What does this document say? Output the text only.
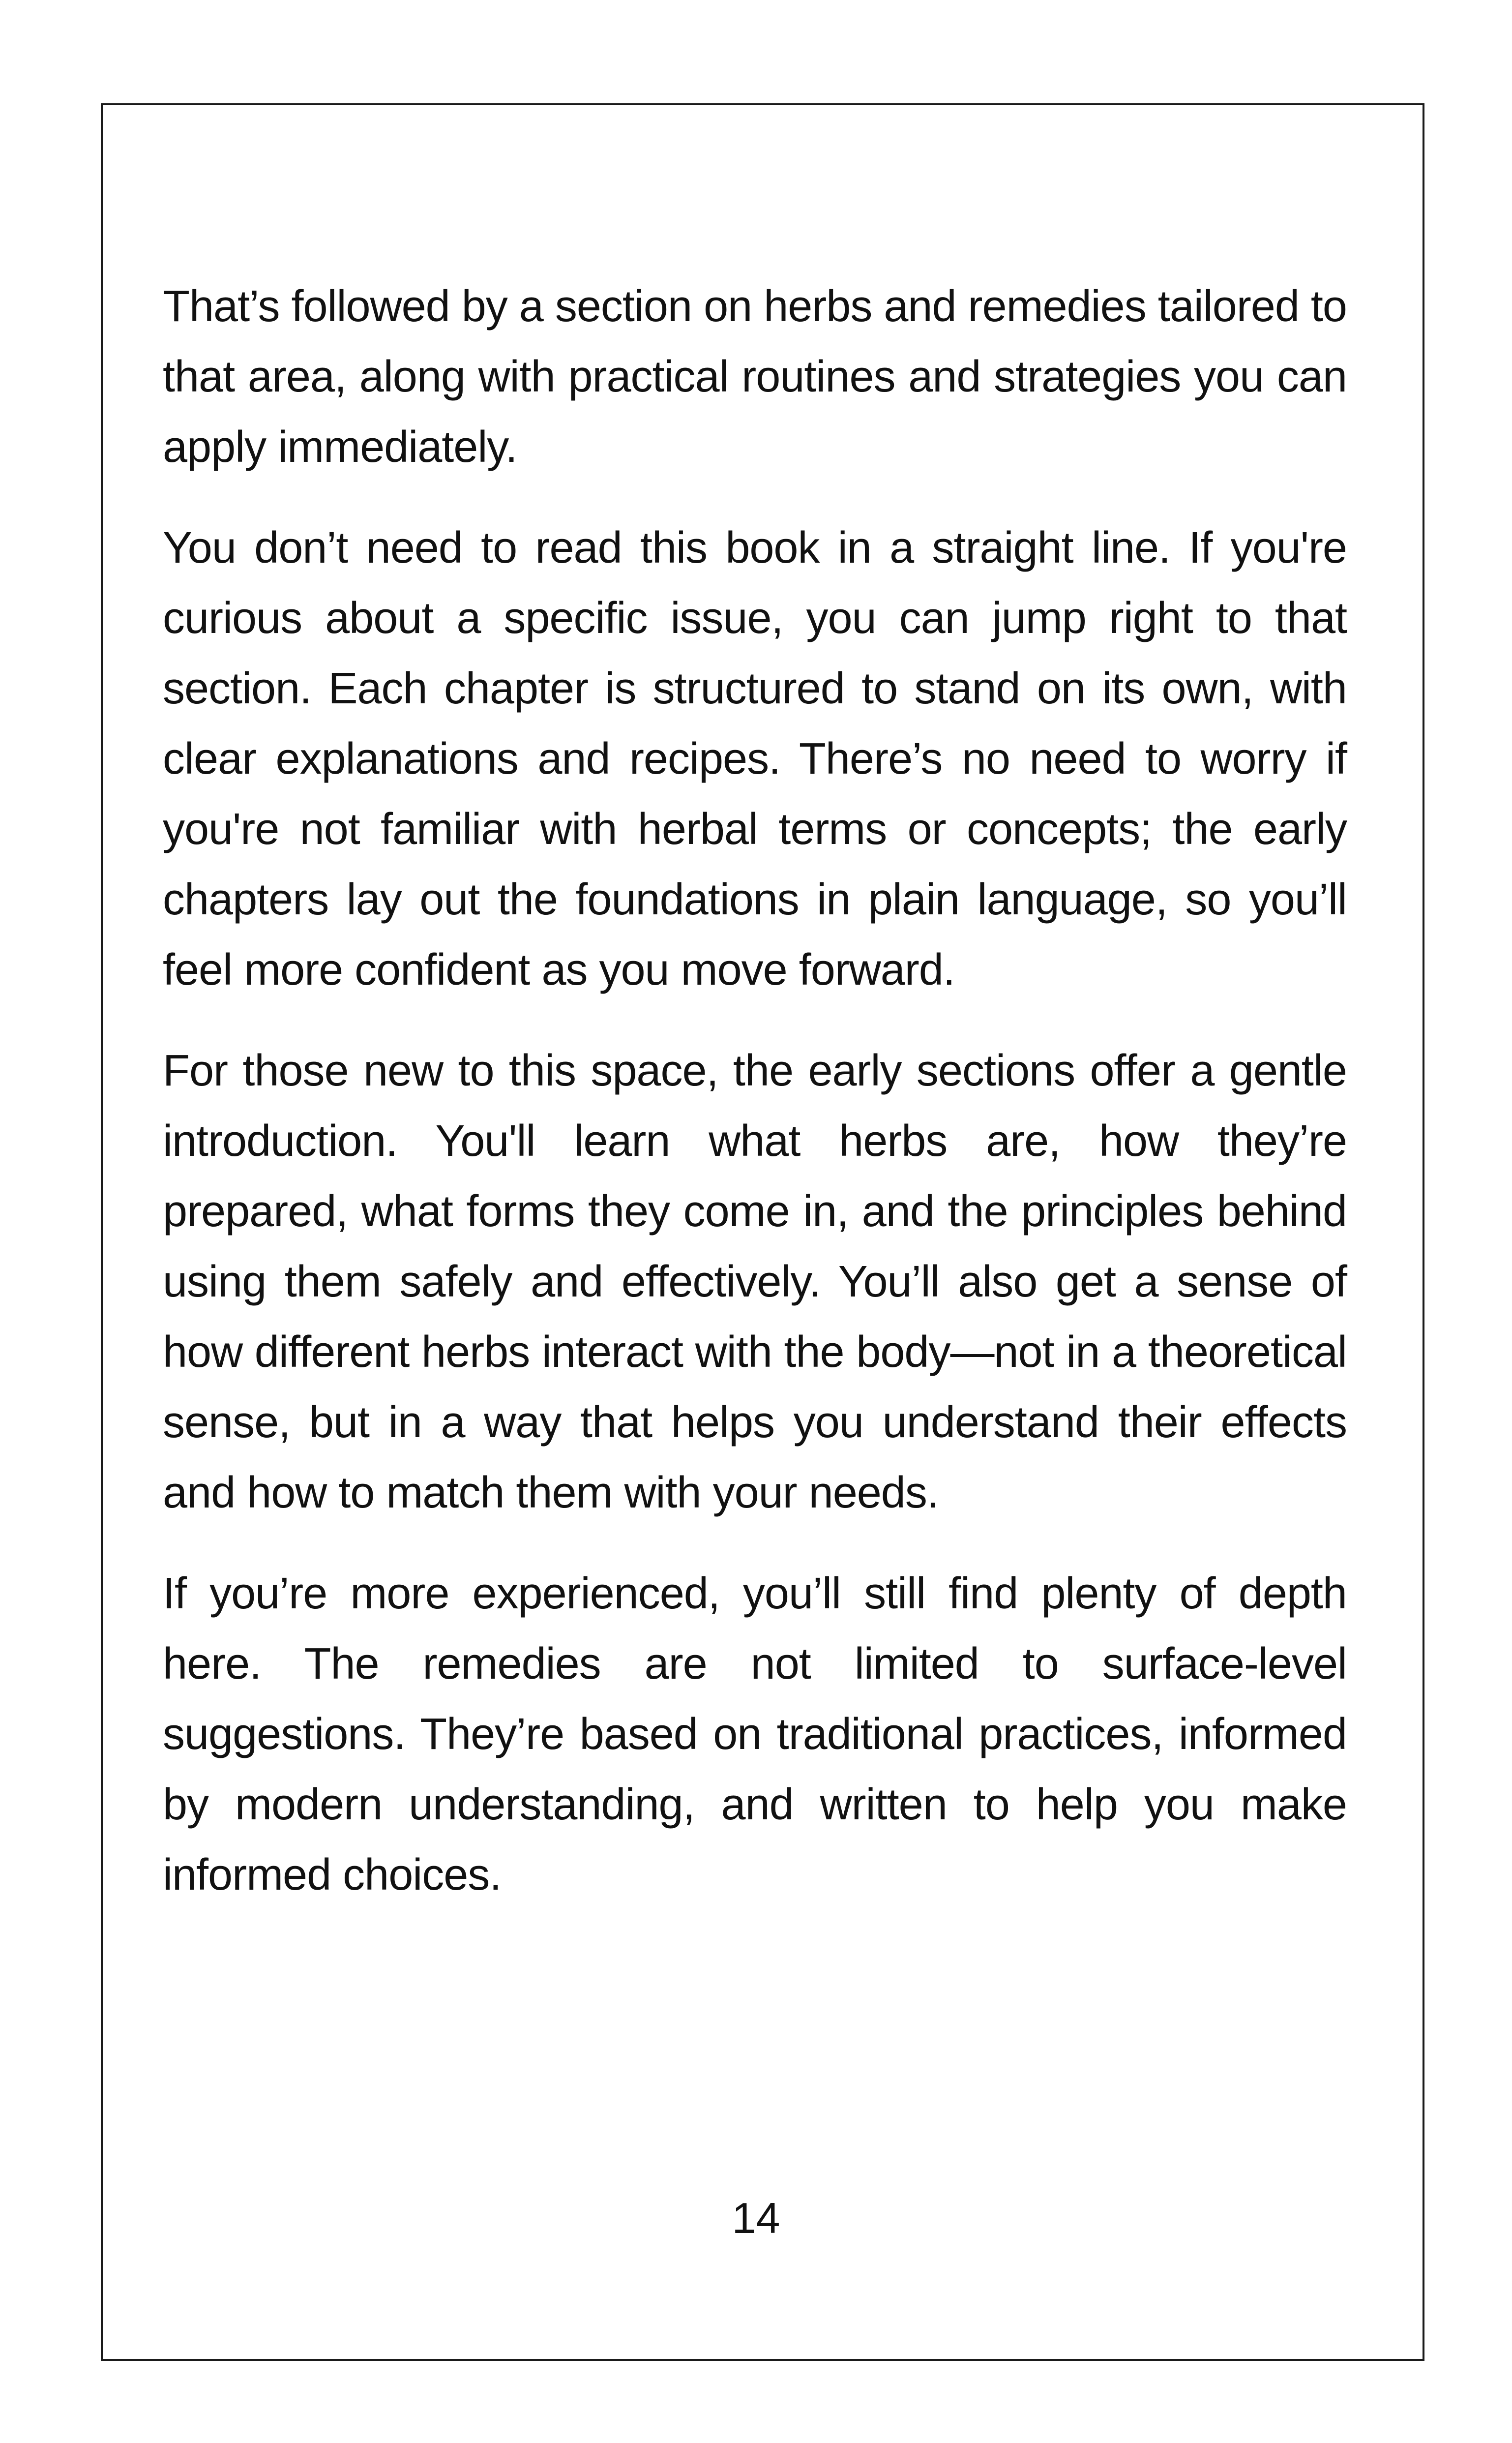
That’s followed by a section on herbs and remedies tailored to that area, along with practical routines and strategies you can apply immediately.

You don’t need to read this book in a straight line. If you're curious about a specific issue, you can jump right to that section. Each chapter is structured to stand on its own, with clear explanations and recipes. There’s no need to worry if you're not familiar with herbal terms or concepts; the early chapters lay out the foundations in plain language, so you’ll feel more confident as you move forward.

For those new to this space, the early sections offer a gentle introduction. You'll learn what herbs are, how they’re prepared, what forms they come in, and the principles behind using them safely and effectively. You’ll also get a sense of how different herbs interact with the body—not in a theoretical sense, but in a way that helps you understand their effects and how to match them with your needs.

If you’re more experienced, you’ll still find plenty of depth here. The remedies are not limited to surface-level suggestions. They’re based on traditional practices, informed by modern understanding, and written to help you make informed choices.

14
